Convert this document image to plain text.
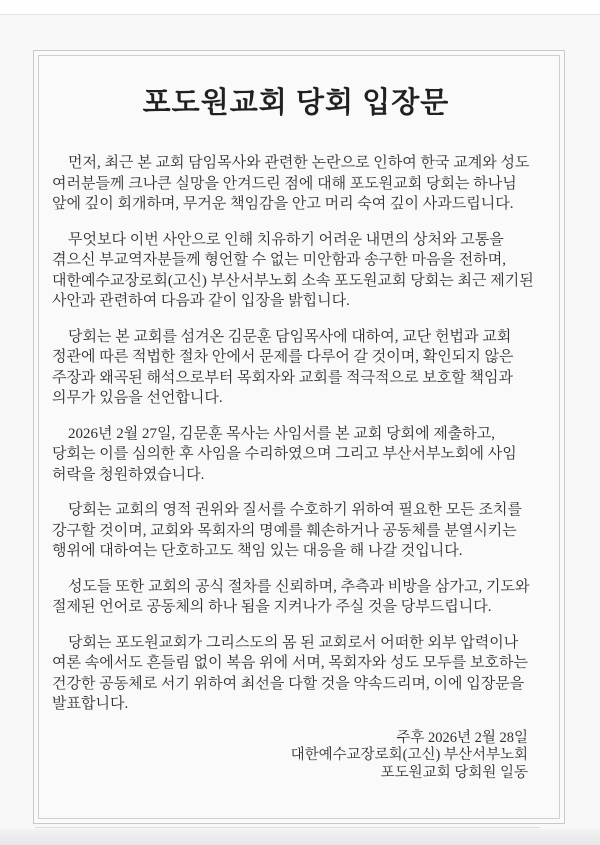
포도원교회 당회 입장문

먼저, 최근 본 교회 담임목사와 관련한 논란으로 인하여 한국 교계와 성도 여러분들께 크나큰 실망을 안겨드린 점에 대해 포도원교회 당회는 하나님 앞에 깊이 회개하며, 무거운 책임감을 안고 머리 숙여 깊이 사과드립니다.

무엇보다 이번 사안으로 인해 치유하기 어려운 내면의 상처와 고통을 겪으신 부교역자분들께 형언할 수 없는 미안함과 송구한 마음을 전하며, 대한예수교장로회(고신) 부산서부노회 소속 포도원교회 당회는 최근 제기된 사안과 관련하여 다음과 같이 입장을 밝힙니다.

당회는 본 교회를 섬겨온 김문훈 담임목사에 대하여, 교단 헌법과 교회 정관에 따른 적법한 절차 안에서 문제를 다루어 갈 것이며, 확인되지 않은 주장과 왜곡된 해석으로부터 목회자와 교회를 적극적으로 보호할 책임과 의무가 있음을 선언합니다.

2026년 2월 27일, 김문훈 목사는 사임서를 본 교회 당회에 제출하고, 당회는 이를 심의한 후 사임을 수리하였으며 그리고 부산서부노회에 사임 허락을 청원하였습니다.

당회는 교회의 영적 권위와 질서를 수호하기 위하여 필요한 모든 조치를 강구할 것이며, 교회와 목회자의 명예를 훼손하거나 공동체를 분열시키는 행위에 대하여는 단호하고도 책임 있는 대응을 해 나갈 것입니다.

성도들 또한 교회의 공식 절차를 신뢰하며, 추측과 비방을 삼가고, 기도와 절제된 언어로 공동체의 하나 됨을 지켜나가 주실 것을 당부드립니다.

당회는 포도원교회가 그리스도의 몸 된 교회로서 어떠한 외부 압력이나 여론 속에서도 흔들림 없이 복음 위에 서며, 목회자와 성도 모두를 보호하는 건강한 공동체로 서기 위하여 최선을 다할 것을 약속드리며, 이에 입장문을 발표합니다.

주후 2026년 2월 28일
대한예수교장로회(고신) 부산서부노회
포도원교회 당회원 일동
